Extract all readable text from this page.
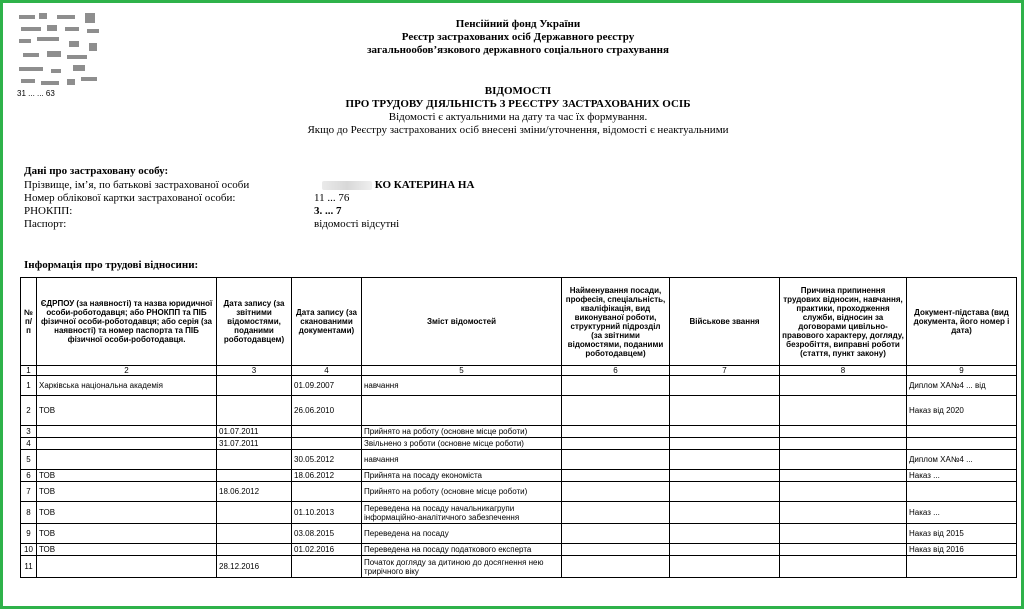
31 ... ... 63
Пенсійний фонд України
Реєстр застрахованих осіб Державного реєстру
загальнообов’язкового державного соціального страхування
ВІДОМОСТІ
ПРО ТРУДОВУ ДІЯЛЬНІСТЬ З РЕЄСТРУ ЗАСТРАХОВАНИХ ОСІБ
Відомості є актуальними на дату та час їх формування.
Якщо до Реєстру застрахованих осіб внесені зміни/уточнення, відомості є неактуальними
Дані про застраховану особу:
Прізвище, ім’я, по батькові застрахованої особи	КО КАТЕРИНА НА
Номер облікової картки застрахованої особи:	11 ... 76
РНОКПП:	3. ... 7
Паспорт:	відомості відсутні
Інформація про трудові відносини:
№ п/п	ЄДРПОУ (за наявності) та назва юридичної особи-роботодавця; або РНОКПП та ПІБ фізичної особи-роботодавця; або серія (за наявності) та номер паспорта та ПІБ фізичної особи-роботодавця.	Дата запису (за звітними відомостями, поданими роботодавцем)	Дата запису (за сканованими документами)	Зміст відомостей	Найменування посади, професія, спеціальність, кваліфікація, вид виконуваної роботи, структурний підрозділ (за звітними відомостями, поданими роботодавцем)	Військове звання	Причина припинення трудових відносин, навчання, практики, проходження служби, відносин за договорами цивільно-правового характеру, догляду, безробіття, виправні роботи (стаття, пункт закону)	Документ-підстава (вид документа, його номер і дата)
1	2	3	4	5	6	7	8	9
1	Харківська національна академія		01.09.2007	навчання				Диплом ХА№4 ... від
2	ТОВ		26.06.2010					Наказ від 2020
3		01.07.2011		Прийнято на роботу (основне місце роботи)				
4		31.07.2011		Звільнено з роботи (основне місце роботи)				
5			30.05.2012	навчання				Диплом ХА№4 ...
6	ТОВ		18.06.2012	Прийнята на посаду економіста				Наказ ...
7	ТОВ	18.06.2012		Прийнято на роботу (основне місце роботи)				
8	ТОВ		01.10.2013	Переведена на посаду начальникагрупи інформаційно-аналітичного забезпечення				Наказ ...
9	ТОВ		03.08.2015	Переведена на посаду				Наказ від 2015
10	ТОВ		01.02.2016	Переведена на посаду податкового експерта				Наказ від 2016
11		28.12.2016		Початок догляду за дитиною до досягнення нею трирічного віку				
